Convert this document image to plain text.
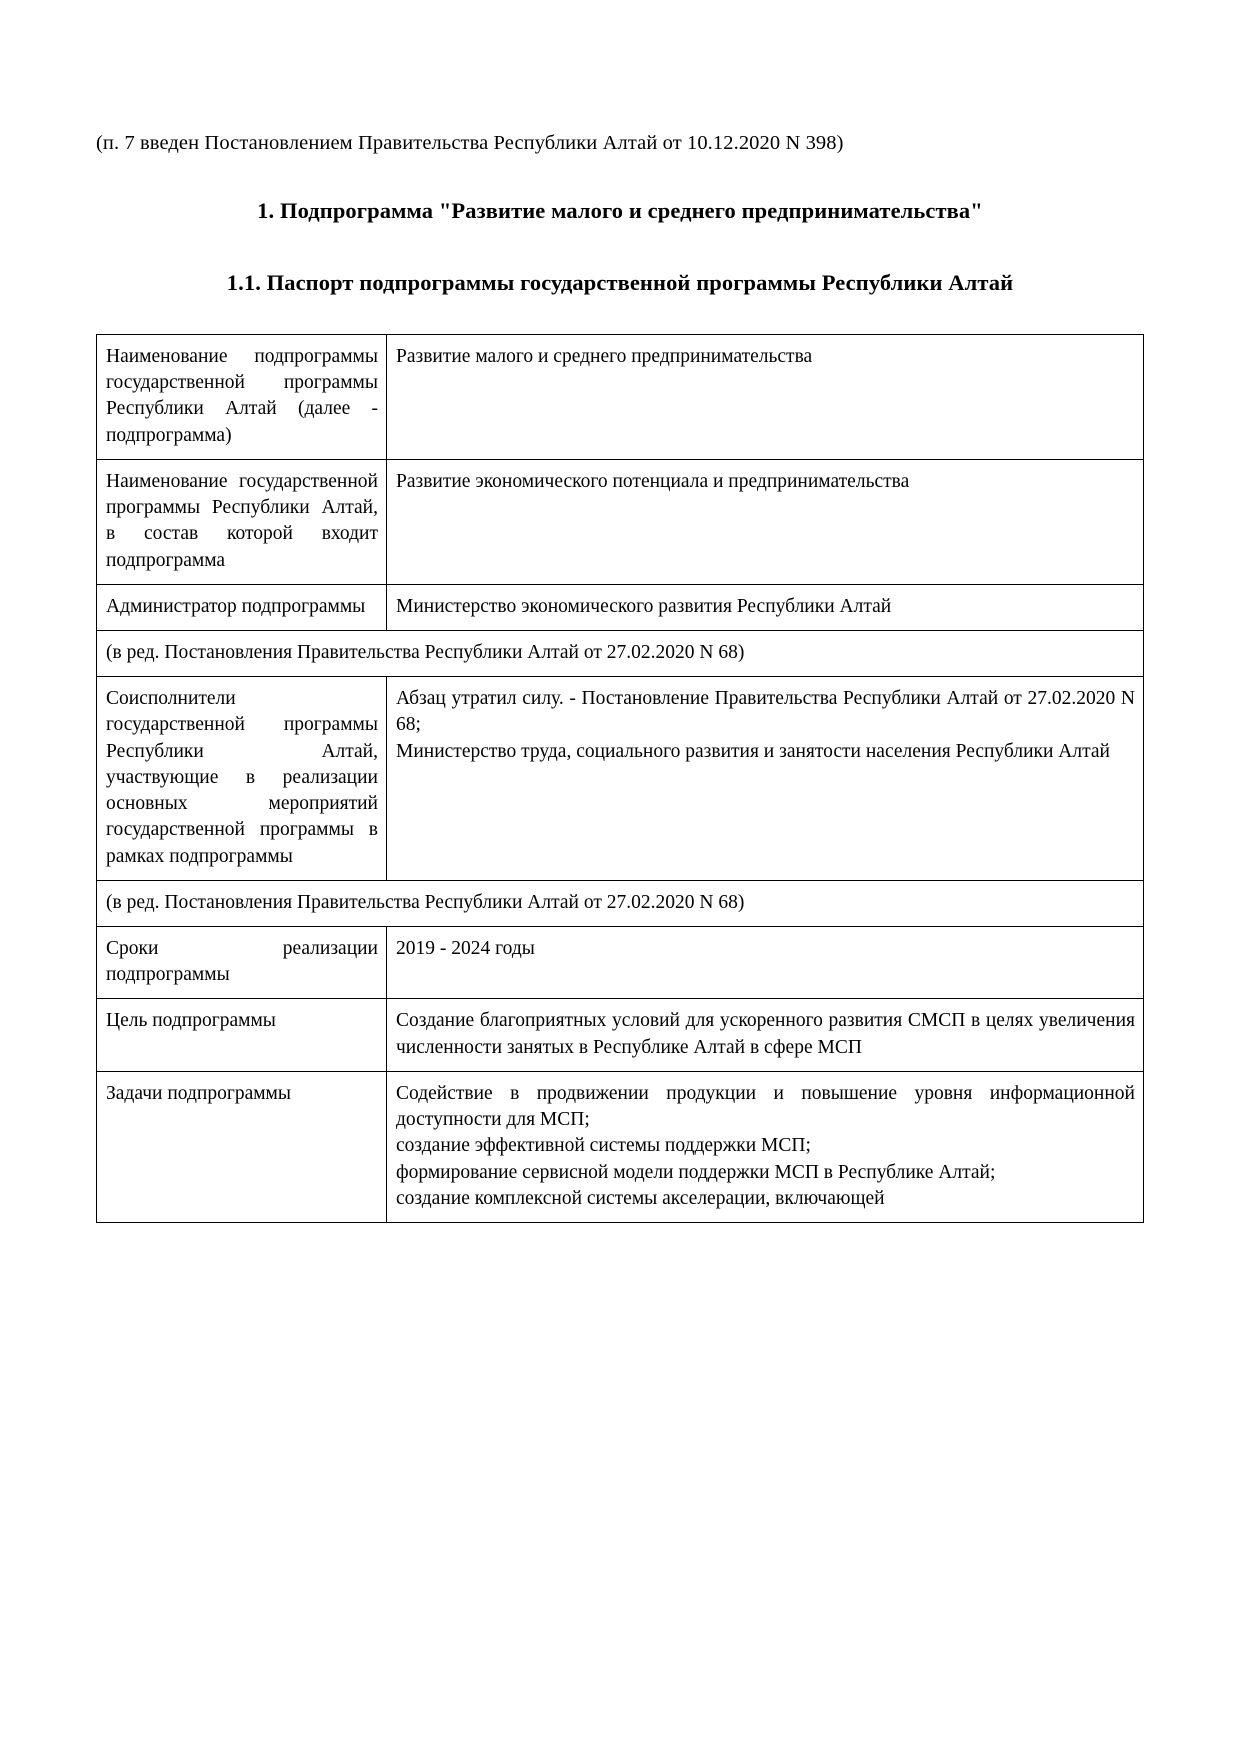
(п. 7 введен Постановлением Правительства Республики Алтай от 10.12.2020 N 398)

1. Подпрограмма "Развитие малого и среднего предпринимательства"
1.1. Паспорт подпрограммы государственной программы Республики Алтай
Наименование подпрограммы государственной программы Республики Алтай (далее - подпрограмма)	Развитие малого и среднего предпринимательства
Наименование государственной программы Республики Алтай, в состав которой входит подпрограмма	Развитие экономического потенциала и предпринимательства
Администратор подпрограммы	Министерство экономического развития Республики Алтай
(в ред. Постановления Правительства Республики Алтай от 27.02.2020 N 68)	
Соисполнители государственной программы Республики Алтай, участвующие в реализации основных мероприятий государственной программы в рамках подпрограммы	Абзац утратил силу. - Постановление Правительства Республики Алтай от 27.02.2020 N 68;
Министерство труда, социального развития и занятости населения Республики Алтай

(в ред. Постановления Правительства Республики Алтай от 27.02.2020 N 68)	
Сроки реализации подпрограммы	2019 - 2024 годы
Цель подпрограммы	Создание благоприятных условий для ускоренного развития СМСП в целях увеличения численности занятых в Республике Алтай в сфере МСП
Задачи подпрограммы	Содействие в продвижении продукции и повышение уровня информационной доступности для МСП;
создание эффективной системы поддержки МСП;
формирование сервисной модели поддержки МСП в Республике Алтай;
создание комплексной системы акселерации, включающей
